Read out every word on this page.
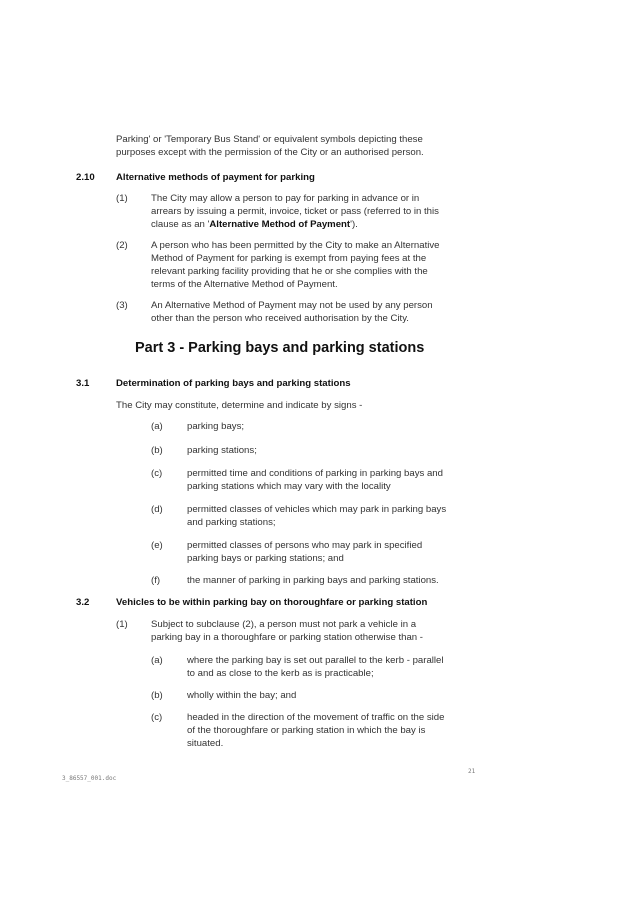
Parking' or 'Temporary Bus Stand' or equivalent symbols depicting these
purposes except with the permission of the City or an authorised person.
2.10 Alternative methods of payment for parking
(1) The City may allow a person to pay for parking in advance or in
arrears by issuing a permit, invoice, ticket or pass (referred to in this
clause as an 'Alternative Method of Payment').
(2) A person who has been permitted by the City to make an Alternative
Method of Payment for parking is exempt from paying fees at the
relevant parking facility providing that he or she complies with the
terms of the Alternative Method of Payment.
(3) An Alternative Method of Payment may not be used by any person
other than the person who received authorisation by the City.
Part 3 - Parking bays and parking stations
3.1	Determination of parking bays and parking stations
The City may constitute, determine and indicate by signs -
(a)	parking bays;
(b)	parking stations;
(c)	permitted time and conditions of parking in parking bays and
parking stations which may vary with the locality
(d)	permitted classes of vehicles which may park in parking bays
and parking stations;
(e)	permitted classes of persons who may park in specified
parking bays or parking stations; and
(f)	the manner of parking in parking bays and parking stations.
3.2	Vehicles to be within parking bay on thoroughfare or parking station
(1) Subject to subclause (2), a person must not park a vehicle in a
parking bay in a thoroughfare or parking station otherwise than -
(a)	where the parking bay is set out parallel to the kerb - parallel
to and as close to the kerb as is practicable;
(b)	wholly within the bay; and
(c)	headed in the direction of the movement of traffic on the side
of the thoroughfare or parking station in which the bay is
situated.
21
3_86557_001.doc
